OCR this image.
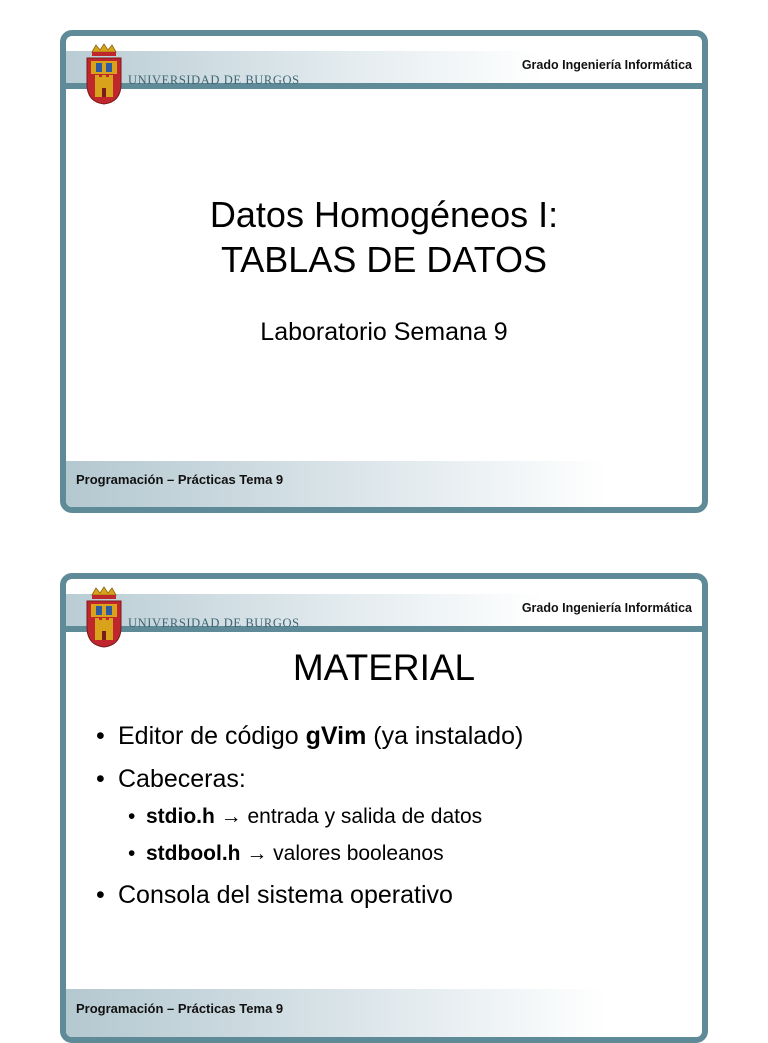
UNIVERSIDAD DE BURGOS
Grado Ingeniería Informática
Datos Homogéneos I:
TABLAS DE DATOS
Laboratorio Semana 9
Programación – Prácticas Tema 9
UNIVERSIDAD DE BURGOS
Grado Ingeniería Informática
MATERIAL
• Editor de código gVim (ya instalado)
• Cabeceras:
• stdio.h → entrada y salida de datos
• stdbool.h → valores booleanos
• Consola del sistema operativo
Programación – Prácticas Tema 9
